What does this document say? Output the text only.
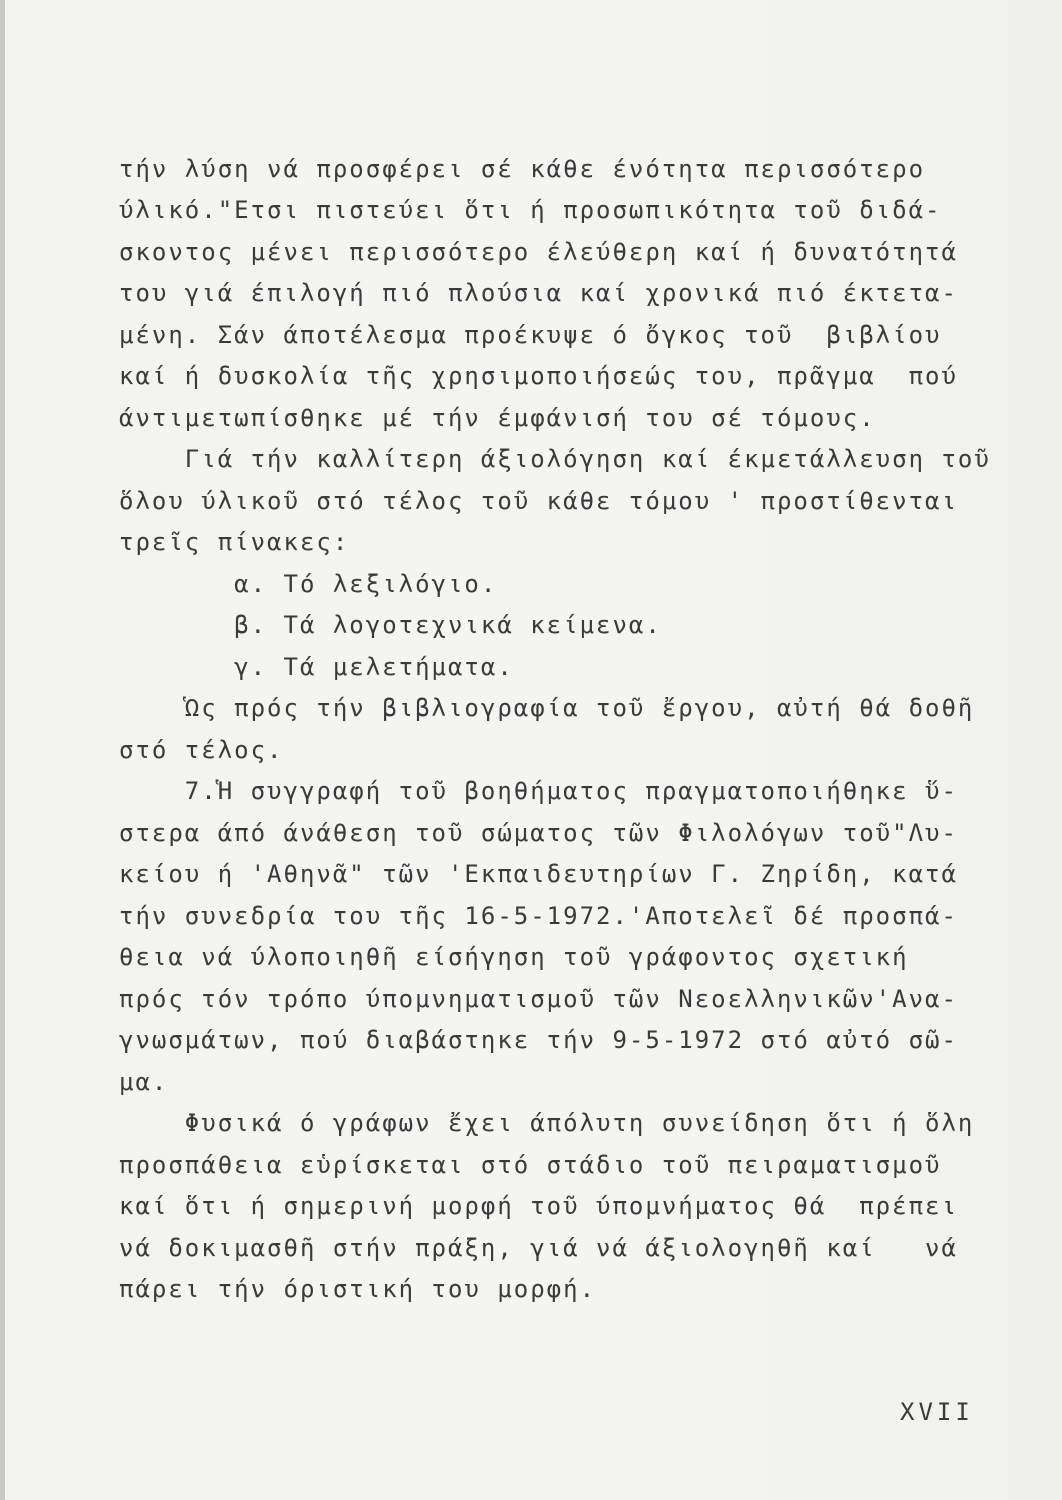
τήν λύση νά προσφέρει σέ κάθε ένότητα περισσότερο
ύλικό."Ετσι πιστεύει ὅτι ή προσωπικότητα τοῦ διδά-
σκοντος μένει περισσότερο έλεύθερη καί ή δυνατότητά
του γιά έπιλογή πιό πλούσια καί χρονικά πιό έκτετα-
μένη. Σάν άποτέλεσμα προέκυψε ό ὄγκος τοῦ  βιβλίου
καί ή δυσκολία τῆς χρησιμοποιήσεώς του, πρᾶγμα  πού
άντιμετωπίσθηκε μέ τήν έμφάνισή του σέ τόμους.
Γιά τήν καλλίτερη άξιολόγηση καί έκμετάλλευση τοῦ
ὅλου ύλικοῦ στό τέλος τοῦ κάθε τόμου ' προστίθενται
τρεῖς πίνακες:
α. Τό λεξιλόγιο.
β. Τά λογοτεχνικά κείμενα.
γ. Τά μελετήματα.
Ὡς πρός τήν βιβλιογραφία τοῦ ἔργου, αὐτή θά δοθῆ
στό τέλος.
7.Ἡ συγγραφή τοῦ βοηθήματος πραγματοποιήθηκε ὕ-
στερα άπό άνάθεση τοῦ σώματος τῶν Φιλολόγων τοῦ"Λυ-
κείου ή 'Αθηνᾶ" τῶν 'Εκπαιδευτηρίων Γ. Ζηρίδη, κατά
τήν συνεδρία του τῆς 16-5-1972.'Αποτελεῖ δέ προσπά-
θεια νά ύλοποιηθῆ είσήγηση τοῦ γράφοντος σχετική
πρός τόν τρόπο ύπομνηματισμοῦ τῶν Νεοελληνικῶν'Ανα-
γνωσμάτων, πού διαβάστηκε τήν 9-5-1972 στό αὐτό σῶ-
μα.
Φυσικά ό γράφων ἔχει άπόλυτη συνείδηση ὅτι ή ὅλη
προσπάθεια εὑρίσκεται στό στάδιο τοῦ πειραματισμοῦ
καί ὅτι ή σημερινή μορφή τοῦ ύπομνήματος θά  πρέπει
νά δοκιμασθῆ στήν πράξη, γιά νά άξιολογηθῆ καί   νά
πάρει τήν όριστική του μορφή.
XVII
